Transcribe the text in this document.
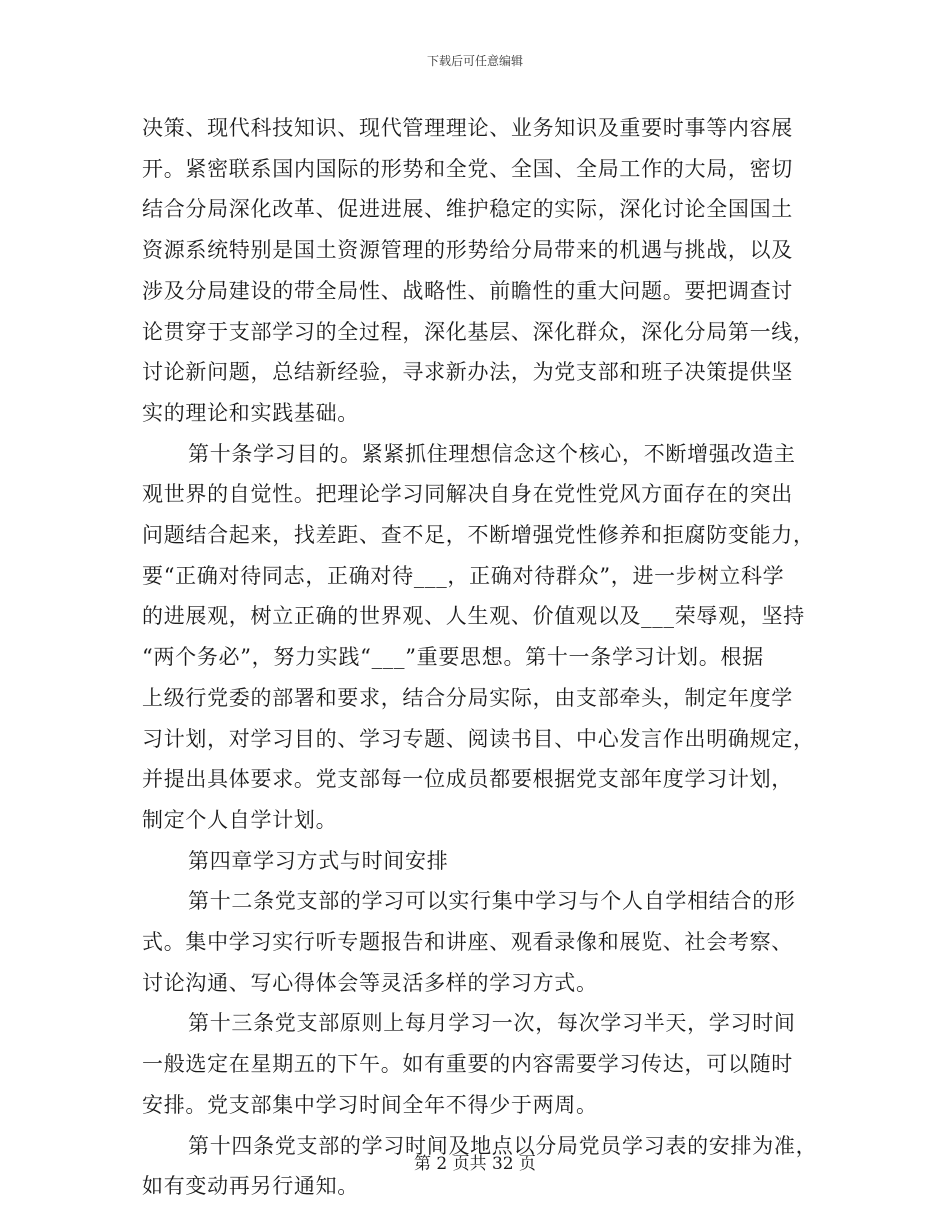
下载后可任意编辑

决策、现代科技知识、现代管理理论、业务知识及重要时事等内容展

开。紧密联系国内国际的形势和全党、全国、全局工作的大局，密切

结合分局深化改革、促进进展、维护稳定的实际，深化讨论全国国土

资源系统特别是国土资源管理的形势给分局带来的机遇与挑战，以及

涉及分局建设的带全局性、战略性、前瞻性的重大问题。要把调查讨

论贯穿于支部学习的全过程，深化基层、深化群众，深化分局第一线，

讨论新问题，总结新经验，寻求新办法，为党支部和班子决策提供坚

实的理论和实践基础。

第十条学习目的。紧紧抓住理想信念这个核心，不断增强改造主

观世界的自觉性。把理论学习同解决自身在党性党风方面存在的突出

问题结合起来，找差距、查不足，不断增强党性修养和拒腐防变能力，

要“正确对待同志，正确对待___，正确对待群众”，进一步树立科学

的进展观，树立正确的世界观、人生观、价值观以及___荣辱观，坚持

“两个务必”，努力实践“___”重要思想。第十一条学习计划。根据

上级行党委的部署和要求，结合分局实际，由支部牵头，制定年度学

习计划，对学习目的、学习专题、阅读书目、中心发言作出明确规定，

并提出具体要求。党支部每一位成员都要根据党支部年度学习计划，

制定个人自学计划。

第四章学习方式与时间安排

第十二条党支部的学习可以实行集中学习与个人自学相结合的形

式。集中学习实行听专题报告和讲座、观看录像和展览、社会考察、

讨论沟通、写心得体会等灵活多样的学习方式。

第十三条党支部原则上每月学习一次，每次学习半天，学习时间

一般选定在星期五的下午。如有重要的内容需要学习传达，可以随时

安排。党支部集中学习时间全年不得少于两周。

第十四条党支部的学习时间及地点以分局党员学习表的安排为准，

如有变动再另行通知。

第 2 页共 32 页
